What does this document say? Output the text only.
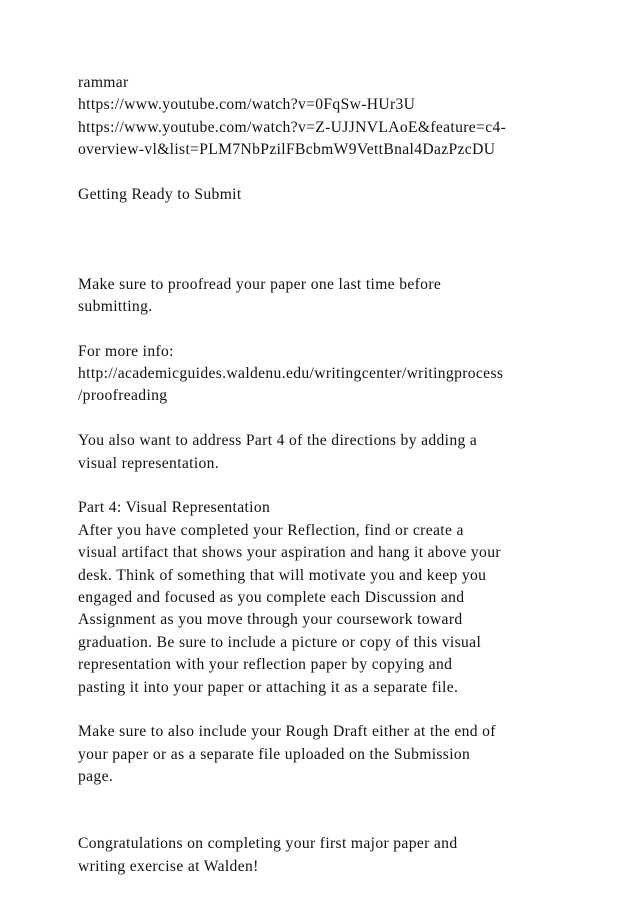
rammar
https://www.youtube.com/watch?v=0FqSw-HUr3U
https://www.youtube.com/watch?v=Z-UJJNVLAoE&feature=c4-
overview-vl&list=PLM7NbPzilFBcbmW9VettBnal4DazPzcDU
Getting Ready to Submit
Make sure to proofread your paper one last time before
submitting.
For more info:
http://academicguides.waldenu.edu/writingcenter/writingprocess
/proofreading
You also want to address Part 4 of the directions by adding a
visual representation.
Part 4: Visual Representation
After you have completed your Reflection, find or create a
visual artifact that shows your aspiration and hang it above your
desk. Think of something that will motivate you and keep you
engaged and focused as you complete each Discussion and
Assignment as you move through your coursework toward
graduation. Be sure to include a picture or copy of this visual
representation with your reflection paper by copying and
pasting it into your paper or attaching it as a separate file.
Make sure to also include your Rough Draft either at the end of
your paper or as a separate file uploaded on the Submission
page.
Congratulations on completing your first major paper and
writing exercise at Walden!
